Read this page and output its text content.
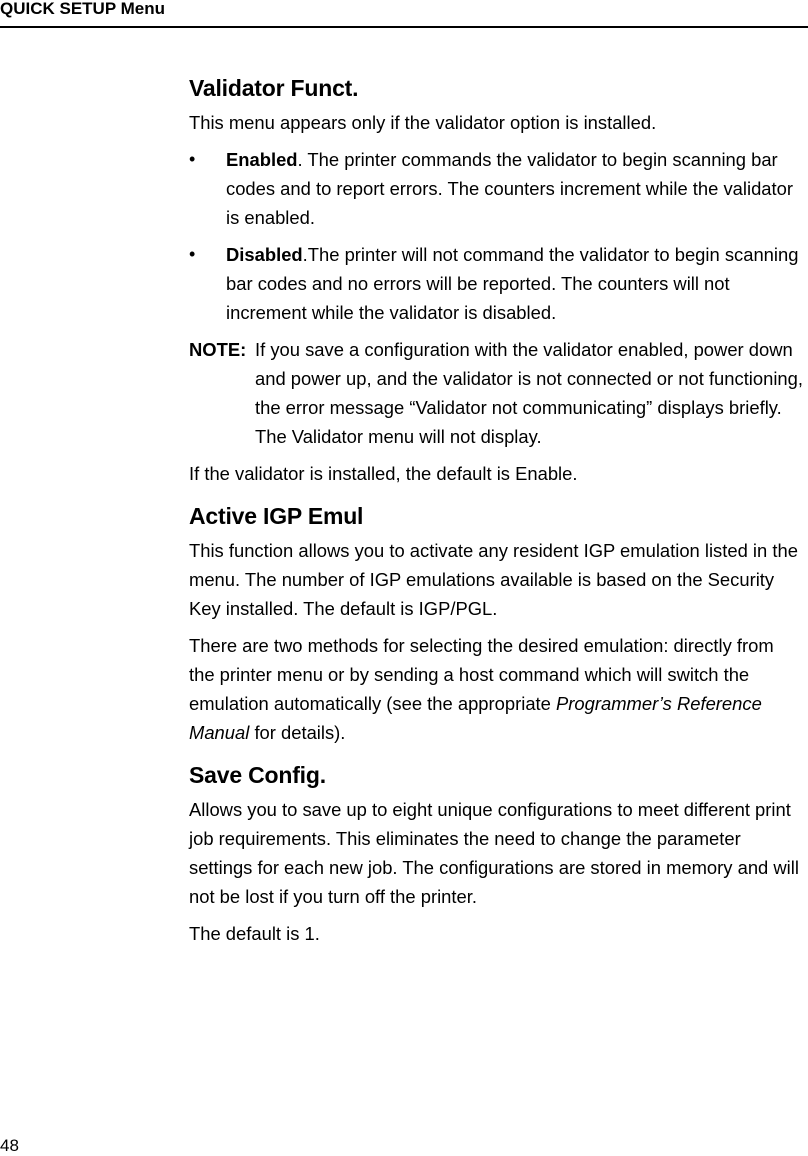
QUICK SETUP Menu
Validator Funct.

This menu appears only if the validator option is installed.

• Enabled. The printer commands the validator to begin scanning bar codes and to report errors. The counters increment while the validator is enabled.
• Disabled.The printer will not command the validator to begin scanning bar codes and no errors will be reported. The counters will not increment while the validator is disabled.
NOTE: If you save a configuration with the validator enabled, power down and power up, and the validator is not connected or not functioning, the error message “Validator not communicating” displays briefly. The Validator menu will not display.

If the validator is installed, the default is Enable.

Active IGP Emul

This function allows you to activate any resident IGP emulation listed in the menu. The number of IGP emulations available is based on the Security Key installed. The default is IGP/PGL.

There are two methods for selecting the desired emulation: directly from the printer menu or by sending a host command which will switch the emulation automatically (see the appropriate Programmer’s Reference Manual for details).

Save Config.

Allows you to save up to eight unique configurations to meet different print job requirements. This eliminates the need to change the parameter settings for each new job. The configurations are stored in memory and will not be lost if you turn off the printer.

The default is 1.

48
